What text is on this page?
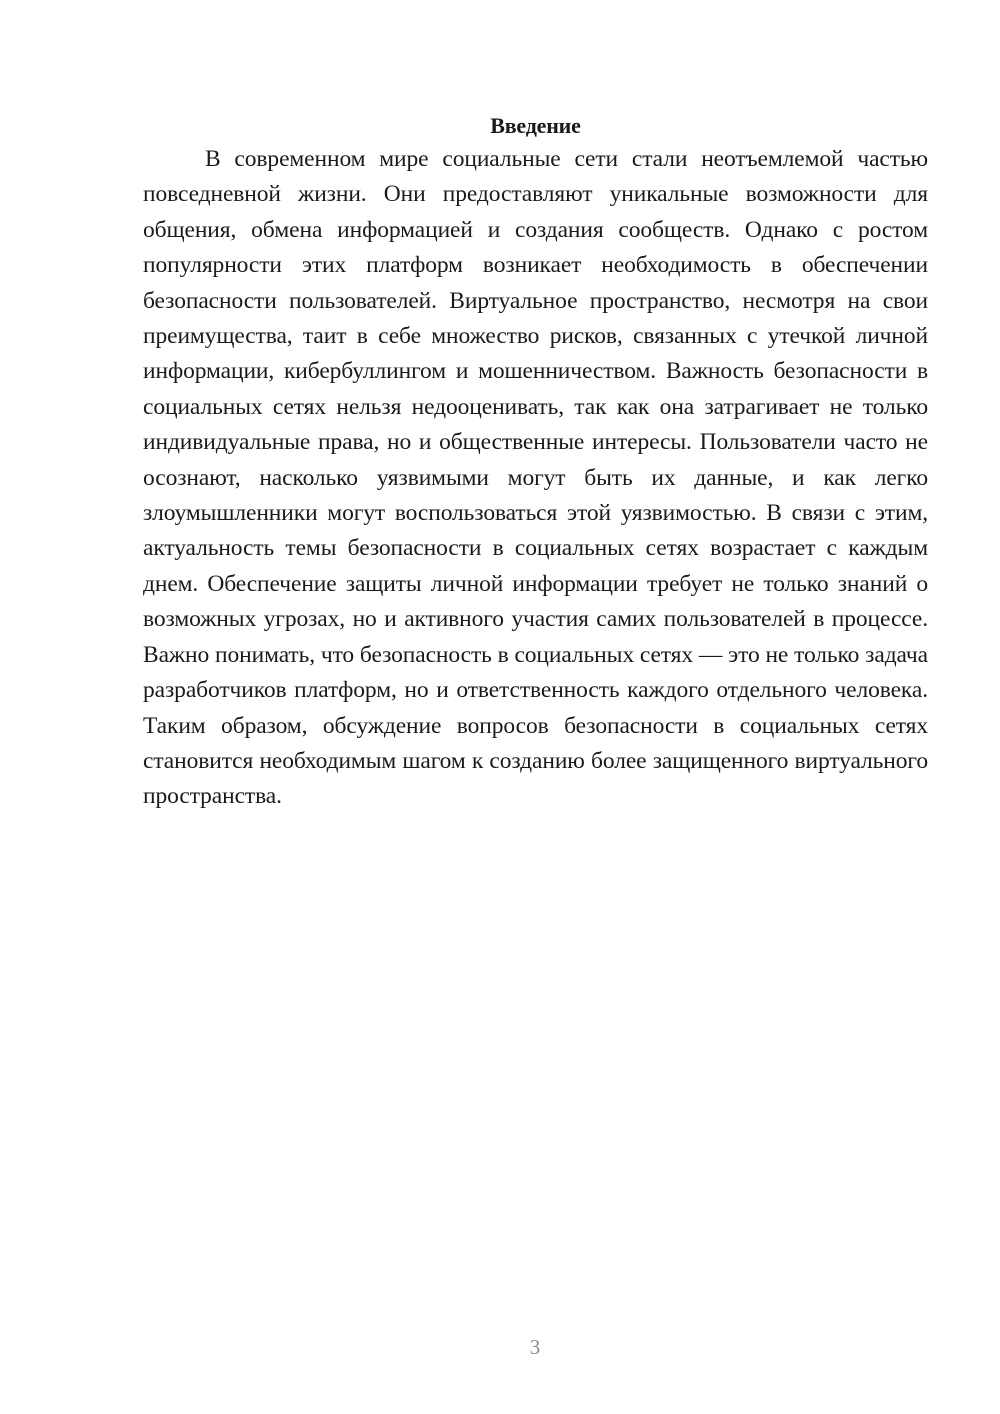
Введение

В современном мире социальные сети стали неотъемлемой частью повседневной жизни. Они предоставляют уникальные возможности для общения, обмена информацией и создания сообществ. Однако с ростом популярности этих платформ возникает необходимость в обеспечении безопасности пользователей. Виртуальное пространство, несмотря на свои преимущества, таит в себе множество рисков, связанных с утечкой личной информации, кибербуллингом и мошенничеством. Важность безопасности в социальных сетях нельзя недооценивать, так как она затрагивает не только индивидуальные права, но и общественные интересы. Пользователи часто не осознают, насколько уязвимыми могут быть их данные, и как легко злоумышленники могут воспользоваться этой уязвимостью. В связи с этим, актуальность темы безопасности в социальных сетях возрастает с каждым днем. Обеспечение защиты личной информации требует не только знаний о возможных угрозах, но и активного участия самих пользователей в процессе. Важно понимать, что безопасность в социальных сетях — это не только задача разработчиков платформ, но и ответственность каждого отдельного человека. Таким образом, обсуждение вопросов безопасности в социальных сетях становится необходимым шагом к созданию более защищенного виртуального пространства.

3
